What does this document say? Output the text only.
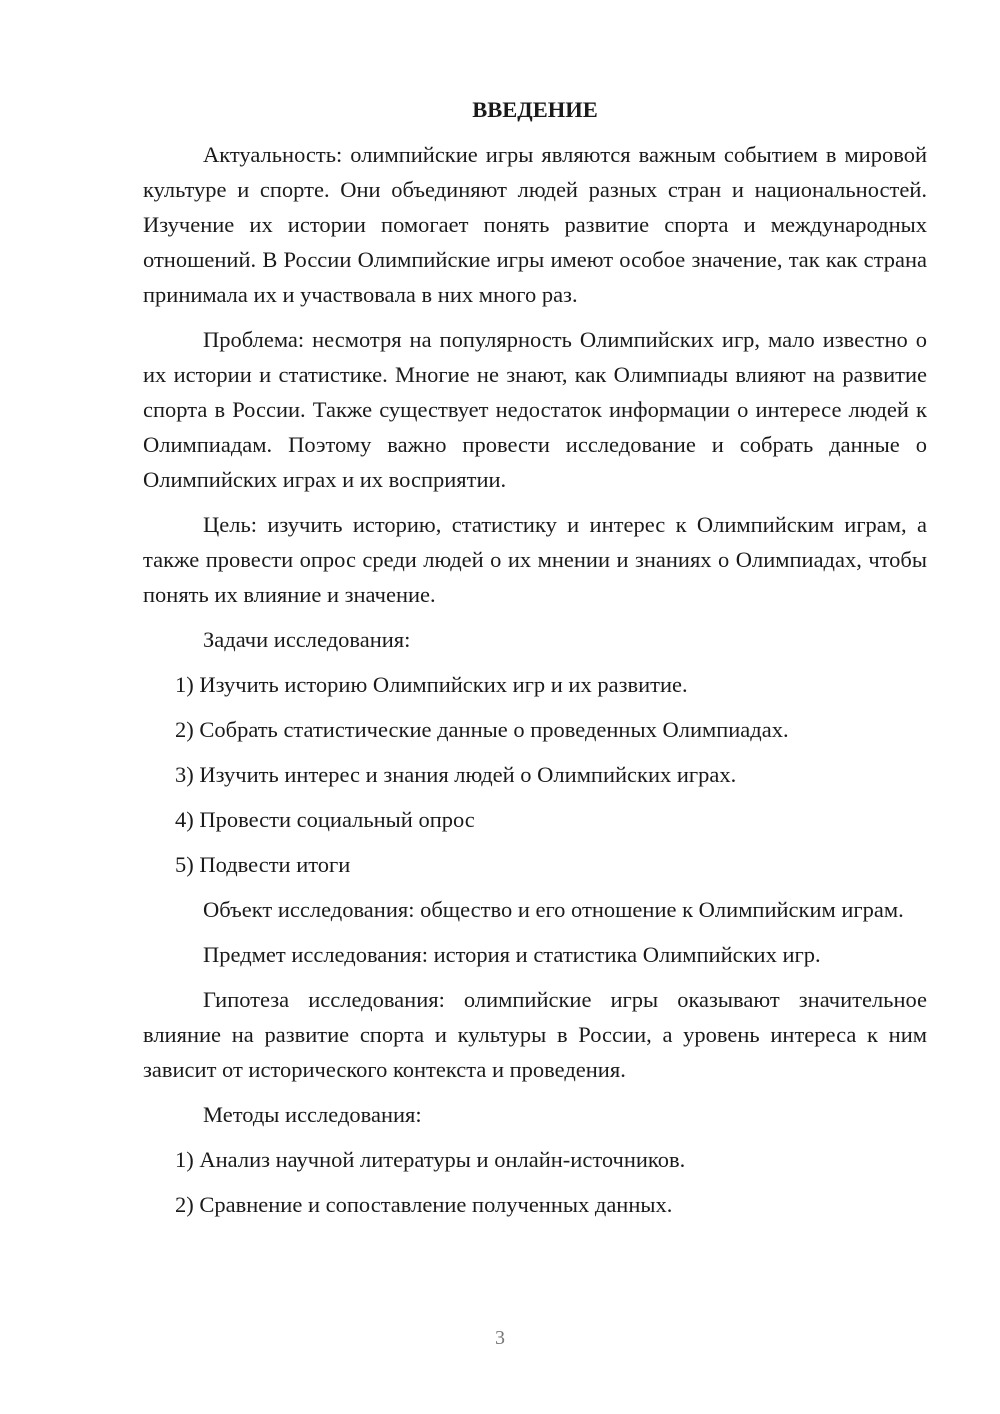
ВВЕДЕНИЕ

Актуальность: олимпийские игры являются важным событием в мировой культуре и спорте. Они объединяют людей разных стран и национальностей. Изучение их истории помогает понять развитие спорта и международных отношений. В России Олимпийские игры имеют особое значение, так как страна принимала их и участвовала в них много раз.

Проблема: несмотря на популярность Олимпийских игр, мало известно о их истории и статистике. Многие не знают, как Олимпиады влияют на развитие спорта в России. Также существует недостаток информации о интересе людей к Олимпиадам. Поэтому важно провести исследование и собрать данные о Олимпийских играх и их восприятии.

Цель: изучить историю, статистику и интерес к Олимпийским играм, а также провести опрос среди людей о их мнении и знаниях о Олимпиадах, чтобы понять их влияние и значение.

Задачи исследования:

1) Изучить историю Олимпийских игр и их развитие.

2) Собрать статистические данные о проведенных Олимпиадах.

3) Изучить интерес и знания людей о Олимпийских играх.

4) Провести социальный опрос

5) Подвести итоги

Объект исследования: общество и его отношение к Олимпийским играм.

Предмет исследования: история и статистика Олимпийских игр.

Гипотеза исследования: олимпийские игры оказывают значительное влияние на развитие спорта и культуры в России, а уровень интереса к ним зависит от исторического контекста и проведения.

Методы исследования:

1) Анализ научной литературы и онлайн-источников.

2) Сравнение и сопоставление полученных данных.

3
